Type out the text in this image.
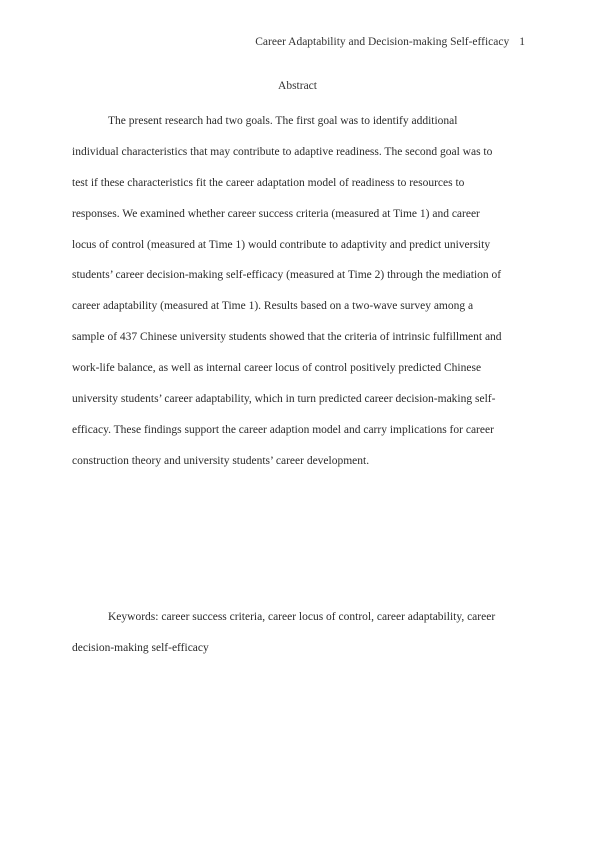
Career Adaptability and Decision-making Self-efficacy 1
Abstract
The present research had two goals. The first goal was to identify additional
individual characteristics that may contribute to adaptive readiness. The second goal was to
test if these characteristics fit the career adaptation model of readiness to resources to
responses. We examined whether career success criteria (measured at Time 1) and career
locus of control (measured at Time 1) would contribute to adaptivity and predict university
students’ career decision-making self-efficacy (measured at Time 2) through the mediation of
career adaptability (measured at Time 1). Results based on a two-wave survey among a
sample of 437 Chinese university students showed that the criteria of intrinsic fulfillment and
work-life balance, as well as internal career locus of control positively predicted Chinese
university students’ career adaptability, which in turn predicted career decision-making self-
efficacy. These findings support the career adaption model and carry implications for career
construction theory and university students’ career development.
Keywords: career success criteria, career locus of control, career adaptability, career
decision-making self-efficacy
